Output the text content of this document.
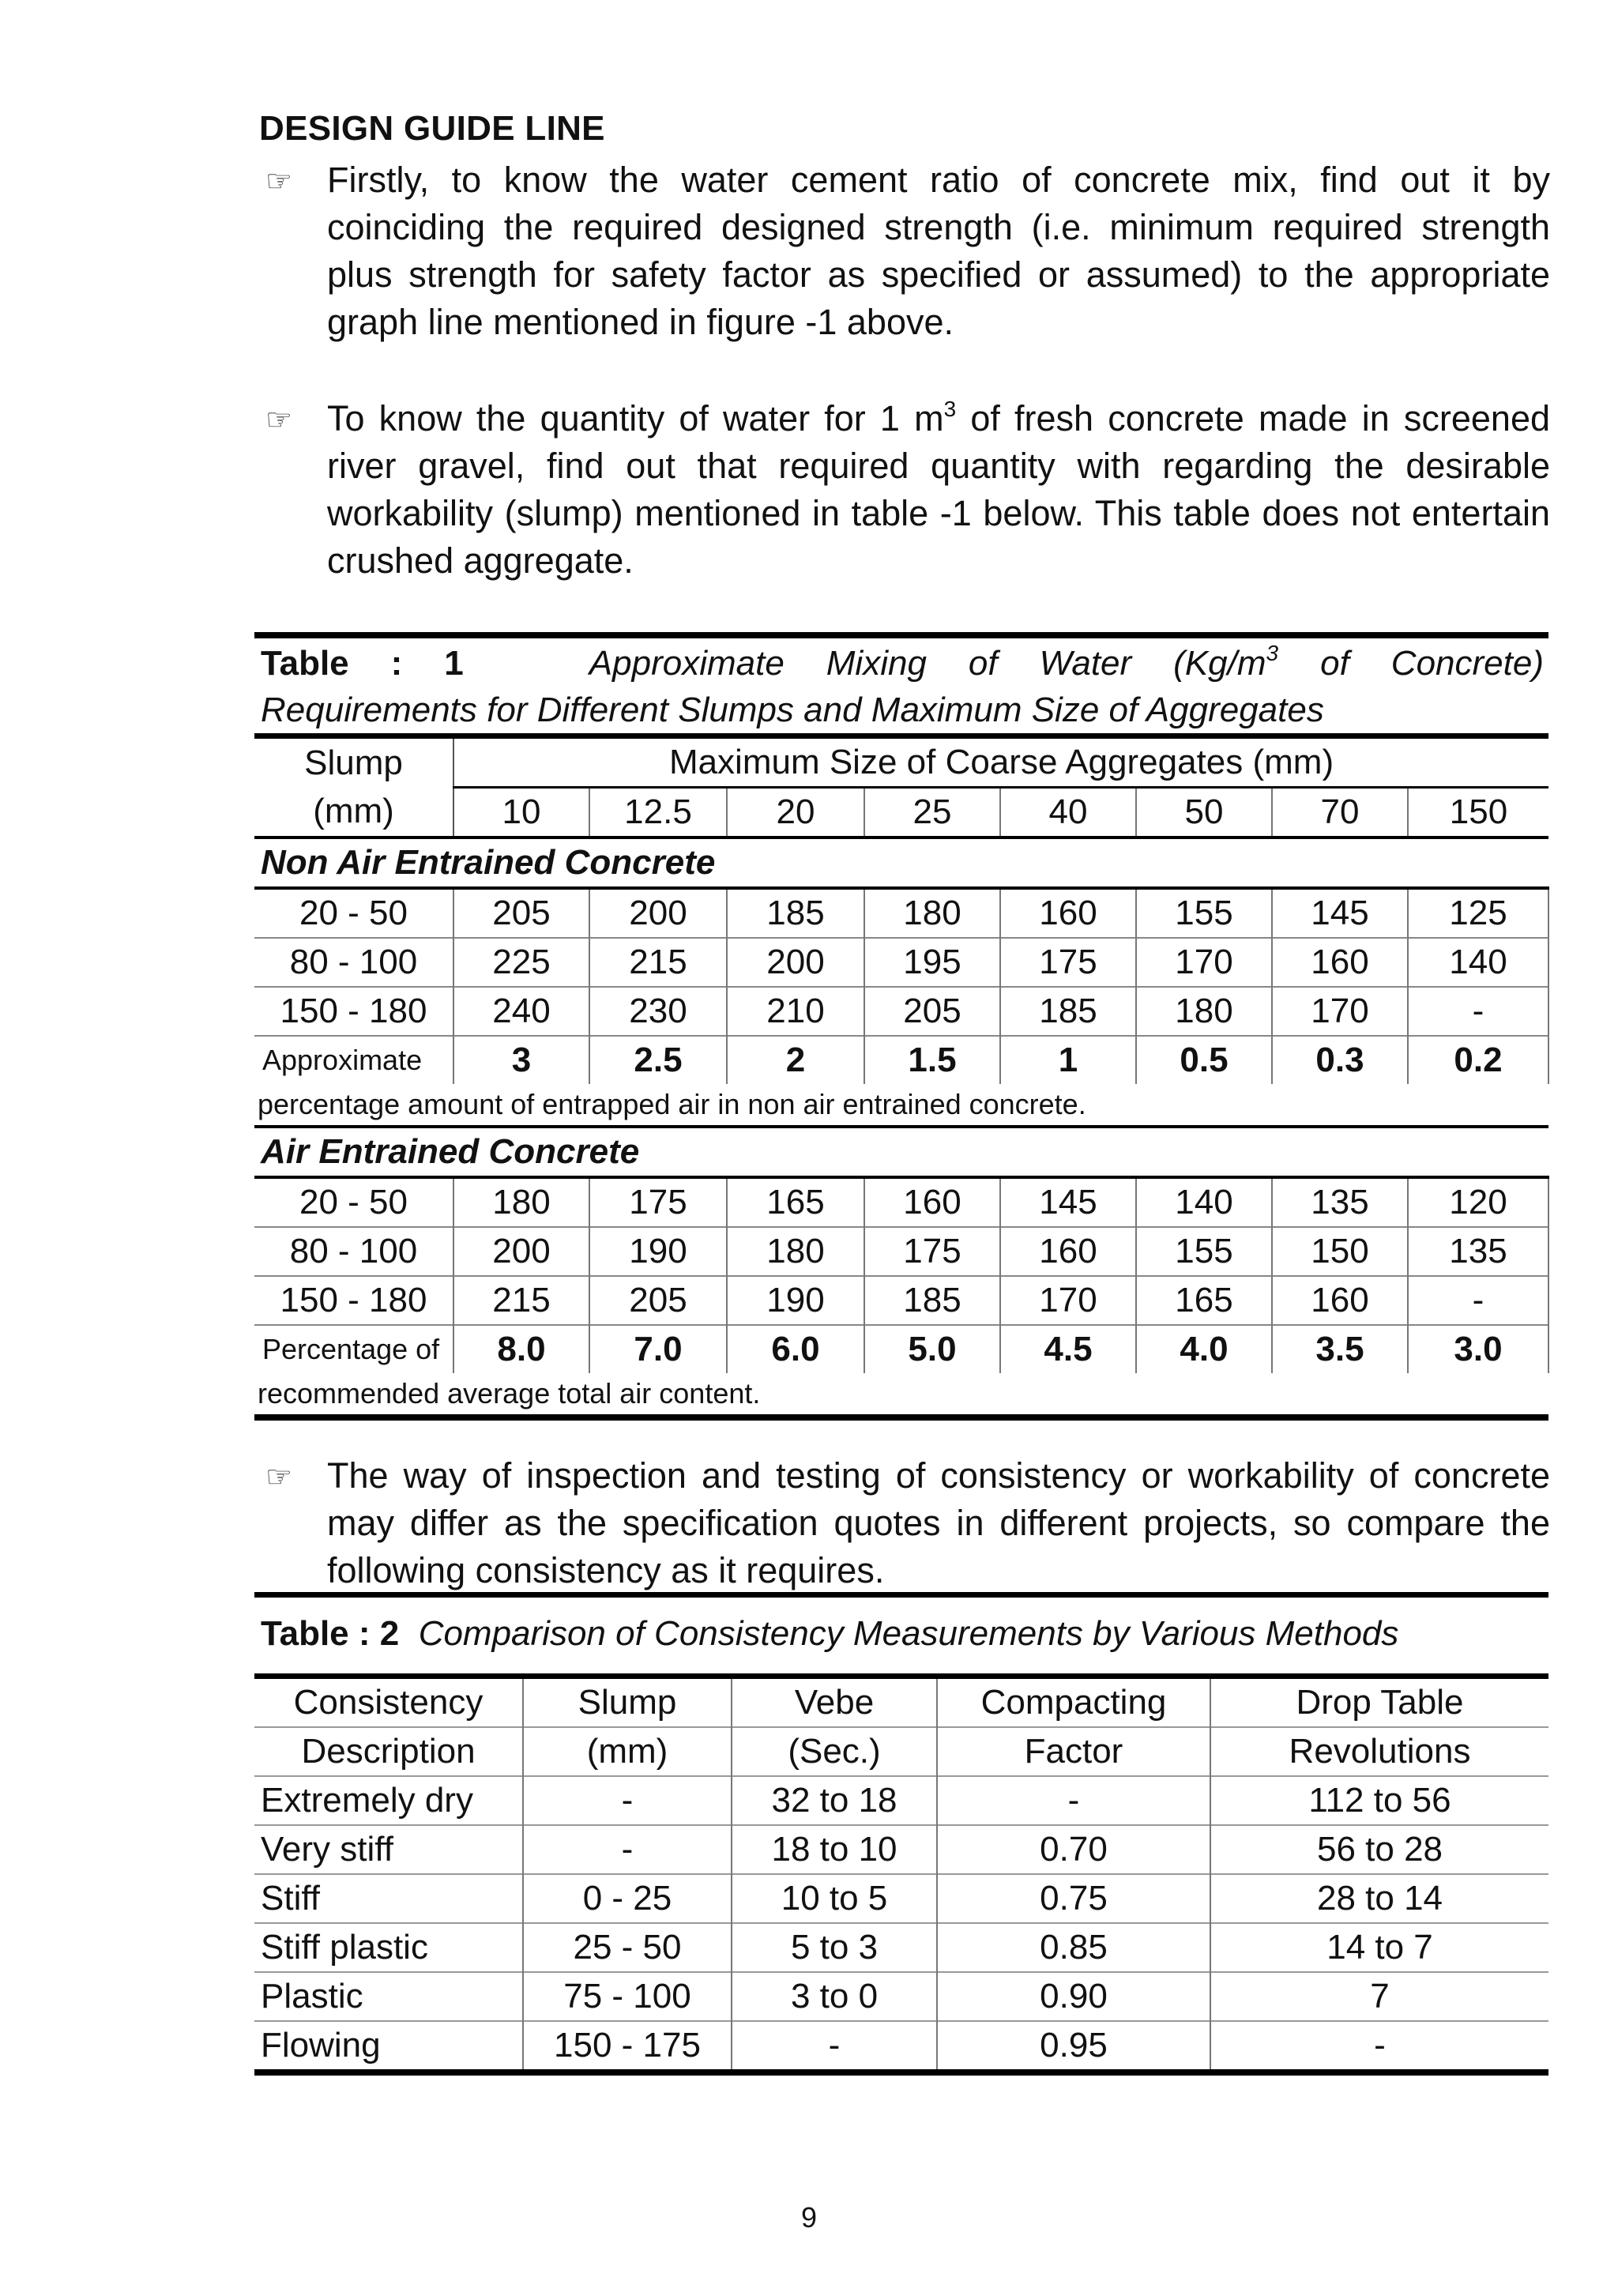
DESIGN GUIDE LINE
☞ Firstly, to know the water cement ratio of concrete mix, find out it by coinciding the required designed strength (i.e. minimum required strength plus strength for safety factor as specified or assumed) to the appropriate graph line mentioned in figure -1 above.
☞ To know the quantity of water for 1 $m^3$ of fresh concrete made in screened river gravel, find out that required quantity with regarding the desirable workability (slump) mentioned in table -1 below. This table does not entertain crushed aggregate.
Table : 1	Approximate Mixing of Water ($Kg/m^3$ of Concrete)
Requirements for Different Slumps and Maximum Size of Aggregates
Slump	Maximum Size of Coarse Aggregates (mm)							
(mm)	10	12.5	20	25	40	50	70	150
Non Air Entrained Concrete
20 - 50	205	200	185	180	160	155	145	125
80 - 100	225	215	200	195	175	170	160	140
150 - 180	240	230	210	205	185	180	170	-
Approximate	3	2.5	2	1.5	1	0.5	0.3	0.2
percentage amount of entrapped air in non air entrained concrete.
Air Entrained Concrete
20 - 50	180	175	165	160	145	140	135	120
80 - 100	200	190	180	175	160	155	150	135
150 - 180	215	205	190	185	170	165	160	-
Percentage of	8.0	7.0	6.0	5.0	4.5	4.0	3.5	3.0
recommended average total air content.
☞ The way of inspection and testing of consistency or workability of concrete may differ as the specification quotes in different projects, so compare the following consistency as it requires.
Table : 2 Comparison of Consistency Measurements by Various Methods
Consistency	Slump	Vebe	Compacting	Drop Table
Description	(mm)	(Sec.)	Factor	Revolutions
Extremely dry	-	32 to 18	-	112 to 56
Very stiff	-	18 to 10	0.70	56 to 28
Stiff	0 - 25	10 to 5	0.75	28 to 14
Stiff plastic	25 - 50	5 to 3	0.85	14 to 7
Plastic	75 - 100	3 to 0	0.90	7
Flowing	150 - 175	-	0.95	-
9
